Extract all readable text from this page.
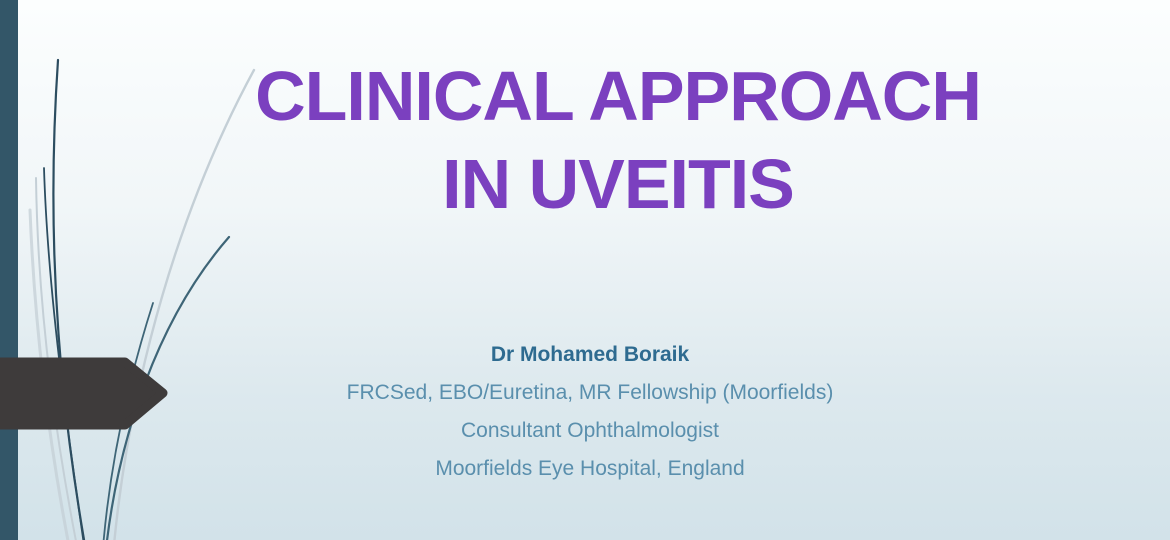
CLINICAL APPROACH
IN UVEITIS
Dr Mohamed Boraik
FRCSed, EBO/Euretina, MR Fellowship (Moorfields)
Consultant Ophthalmologist
Moorfields Eye Hospital, England
